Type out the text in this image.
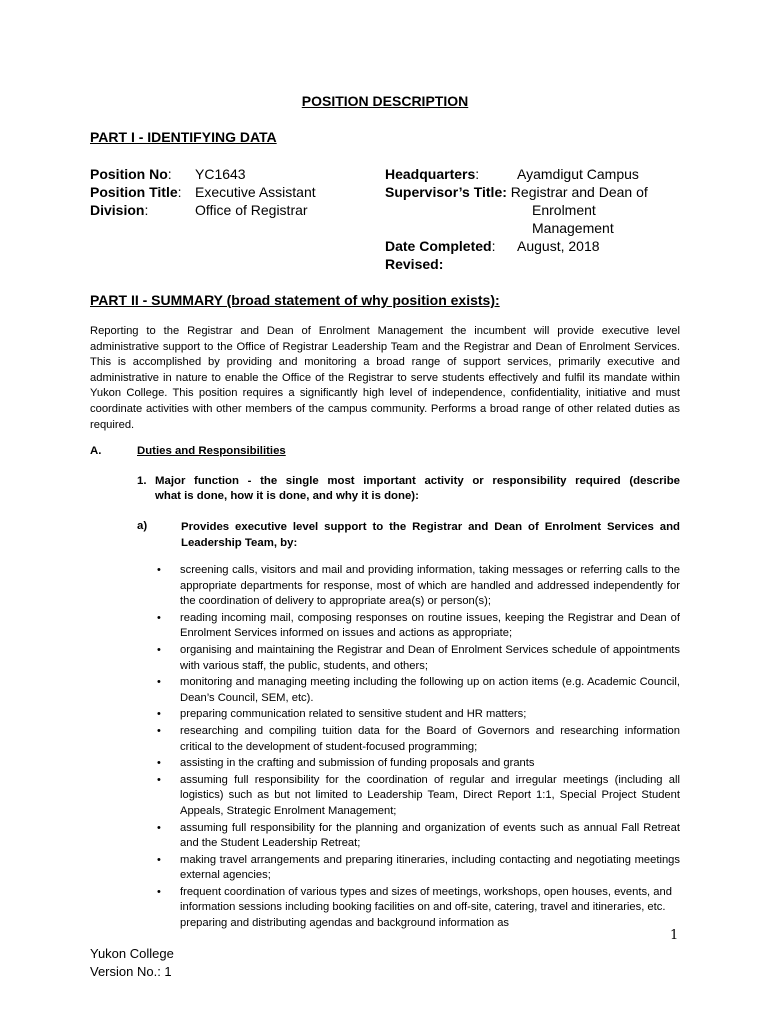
POSITION DESCRIPTION
PART I - IDENTIFYING DATA
Position No: YC1643
Position Title: Executive Assistant
Division:	Office of Registrar
Headquarters:	Ayamdigut Campus
Supervisor’s Title: Registrar and Dean of
Enrolment
Management
Date Completed: August, 2018
Revised:
PART II - SUMMARY (broad statement of why position exists):
Reporting to the Registrar and Dean of Enrolment Management the incumbent will provide executive level administrative support to the Office of Registrar Leadership Team and the Registrar and Dean of Enrolment Services. This is accomplished by providing and monitoring a broad range of support services, primarily executive and administrative in nature to enable the Office of the Registrar to serve students effectively and fulfil its mandate within Yukon College. This position requires a significantly high level of independence, confidentiality, initiative and must coordinate activities with other members of the campus community. Performs a broad range of other related duties as required.
A.	Duties and Responsibilities
1. Major function - the single most important activity or responsibility required (describe
what is done, how it is done, and why it is done):
a)	Provides executive level support to the Registrar and Dean of Enrolment Services and Leadership Team, by:
• screening calls, visitors and mail and providing information, taking messages or referring calls to the appropriate departments for response, most of which are handled and addressed independently for the coordination of delivery to appropriate area(s) or person(s);
• reading incoming mail, composing responses on routine issues, keeping the Registrar and Dean of Enrolment Services informed on issues and actions as appropriate;
• organising and maintaining the Registrar and Dean of Enrolment Services schedule of appointments with various staff, the public, students, and others;
• monitoring and managing meeting including the following up on action items (e.g. Academic Council, Dean’s Council, SEM, etc).
• preparing communication related to sensitive student and HR matters;
• researching and compiling tuition data for the Board of Governors and researching information critical to the development of student-focused programming;
• assisting in the crafting and submission of funding proposals and grants
• assuming full responsibility for the coordination of regular and irregular meetings (including all logistics) such as but not limited to Leadership Team, Direct Report 1:1, Special Project Student Appeals, Strategic Enrolment Management;
• assuming full responsibility for the planning and organization of events such as annual Fall Retreat and the Student Leadership Retreat;
• making travel arrangements and preparing itineraries, including contacting and negotiating meetings external agencies;
• frequent coordination of various types and sizes of meetings, workshops, open houses, events, and information sessions including booking facilities on and off-site, catering, travel and itineraries, etc. preparing and distributing agendas and background information as
1
Yukon College
Version No.: 1
